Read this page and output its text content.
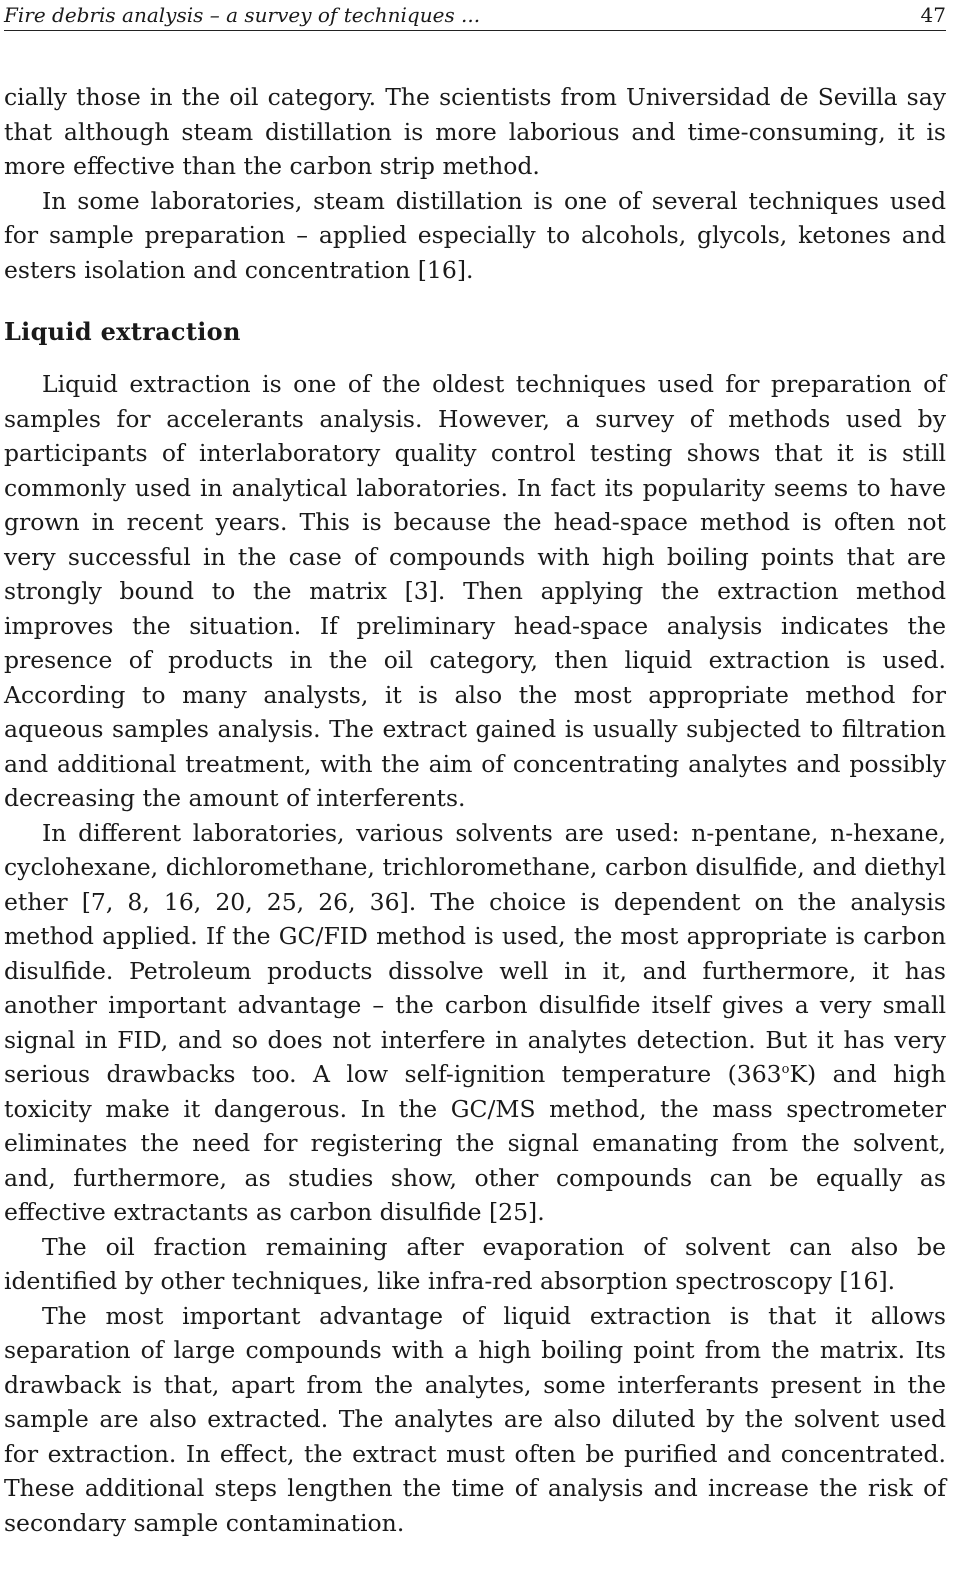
Fire debris analysis – a survey of techniques ...	47

cially those in the oil category. The scientists from Universidad de Sevilla say that although steam distillation is more laborious and time-consuming, it is more effective than the carbon strip method.

In some laboratories, steam distillation is one of several techniques used for sample preparation – applied especially to alcohols, glycols, ketones and esters isolation and concentration [16].

Liquid extraction

Liquid extraction is one of the oldest techniques used for preparation of samples for accelerants analysis. However, a survey of methods used by participants of interlaboratory quality control testing shows that it is still commonly used in analytical laboratories. In fact its popularity seems to have grown in recent years. This is because the head-space method is often not very successful in the case of compounds with high boiling points that are strongly bound to the matrix [3]. Then applying the extraction method improves the situation. If preliminary head-space analysis indicates the presence of products in the oil category, then liquid extraction is used. According to many analysts, it is also the most appropriate method for aqueous samples analysis. The extract gained is usually subjected to filtration and additional treatment, with the aim of concentrating analytes and possibly decreasing the amount of interferents.

In different laboratories, various solvents are used: n-pentane, n-hexane, cyclohexane, dichloromethane, trichloromethane, carbon disulfide, and diethyl ether [7, 8, 16, 20, 25, 26, 36]. The choice is dependent on the analysis method applied. If the GC/FID method is used, the most appropriate is carbon disulfide. Petroleum products dissolve well in it, and furthermore, it has another important advantage – the carbon disulfide itself gives a very small signal in FID, and so does not interfere in analytes detection. But it has very serious drawbacks too. A low self-ignition temperature (363$^o$K) and high toxicity make it dangerous. In the GC/MS method, the mass spectrometer eliminates the need for registering the signal emanating from the solvent, and, furthermore, as studies show, other compounds can be equally as effective extractants as carbon disulfide [25].

The oil fraction remaining after evaporation of solvent can also be identified by other techniques, like infra-red absorption spectroscopy [16].

The most important advantage of liquid extraction is that it allows separation of large compounds with a high boiling point from the matrix. Its drawback is that, apart from the analytes, some interferants present in the sample are also extracted. The analytes are also diluted by the solvent used for extraction. In effect, the extract must often be purified and concentrated. These additional steps lengthen the time of analysis and increase the risk of secondary sample contamination.
